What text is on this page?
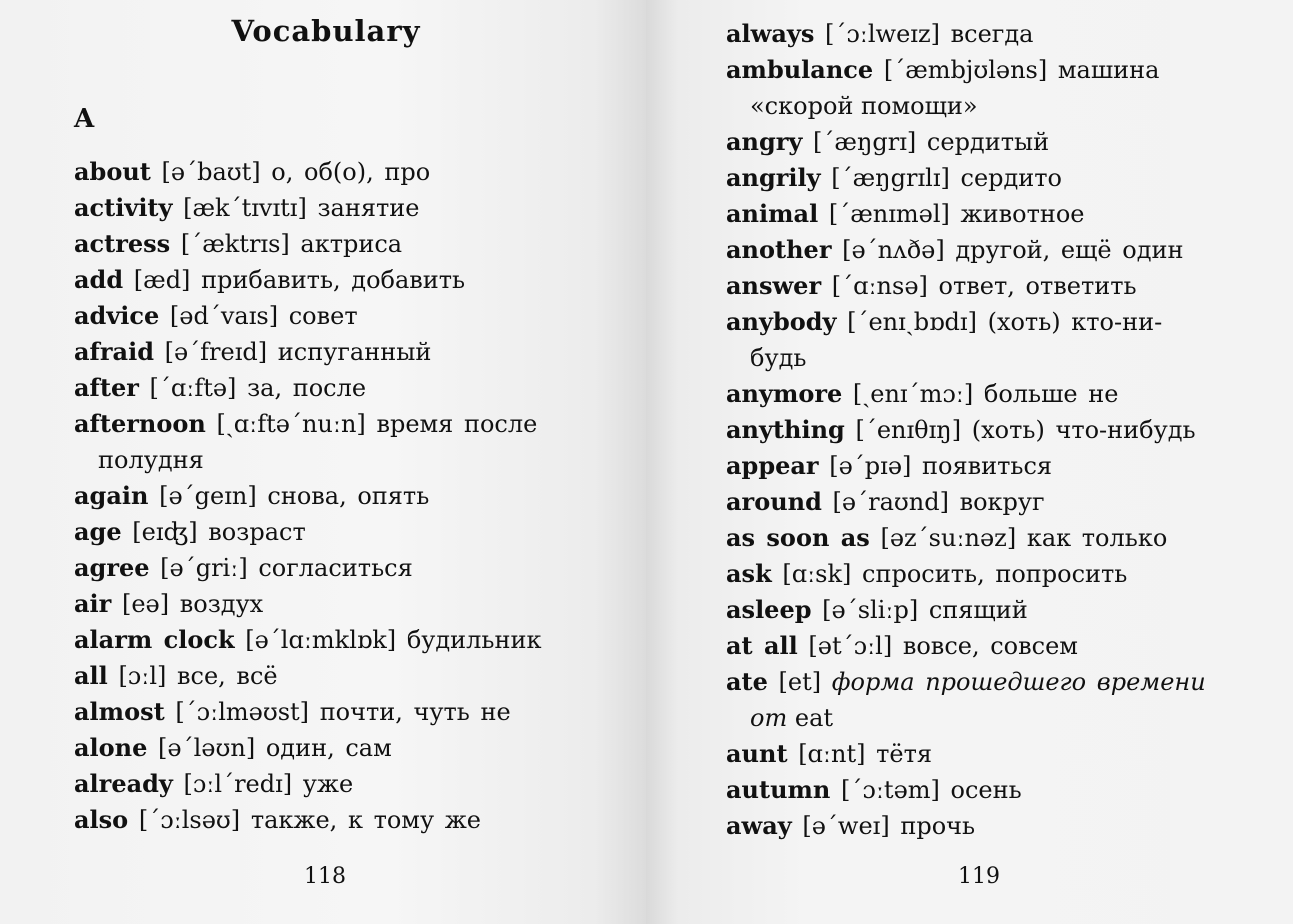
Vocabulary
A
about [ə΄baʊt] о, об(о), про
activity [æk΄tɪvɪtɪ] занятие
actress [΄æktrɪs] актриса
add [æd] прибавить, добавить
advice [əd΄vaɪs] совет
afraid [ə΄freɪd] испуганный
after [΄ɑːftə] за, после
afternoon [ˏɑːftə΄nuːn] время после
полудня
again [ə΄geɪn] снова, опять
age [eɪʤ] возраст
agree [ə΄griː] согласиться
air [eə] воздух
alarm clock [ə΄lɑːmklɒk] будильник
all [ɔːl] все, всё
almost [΄ɔːlməʊst] почти, чуть не
alone [ə΄ləʊn] один, сам
already [ɔːl΄redɪ] уже
also [΄ɔːlsəʊ] также, к тому же
118
always [΄ɔːlweɪz] всегда
ambulance [΄æmbjʊləns] машина
«скорой помощи»
angry [΄æŋgrɪ] сердитый
angrily [΄æŋgrɪlɪ] сердито
animal [΄ænɪməl] животное
another [ə΄nʌðə] другой, ещё один
answer [΄ɑːnsə] ответ, ответить
anybody [΄enɪˏbɒdɪ] (хоть) кто-ни-
будь
anymore [ˏenɪ΄mɔː] больше не
anything [΄enɪθɪŋ] (хоть) что-нибудь
appear [ə΄pɪə] появиться
around [ə΄raʊnd] вокруг
as soon as [əz΄suːnəz] как только
ask [ɑːsk] спросить, попросить
asleep [ə΄sliːp] спящий
at all [ət΄ɔːl] вовсе, совсем
ate [et] форма прошедшего времени
от eat
aunt [ɑːnt] тётя
autumn [΄ɔːtəm] осень
away [ə΄weɪ] прочь
119
